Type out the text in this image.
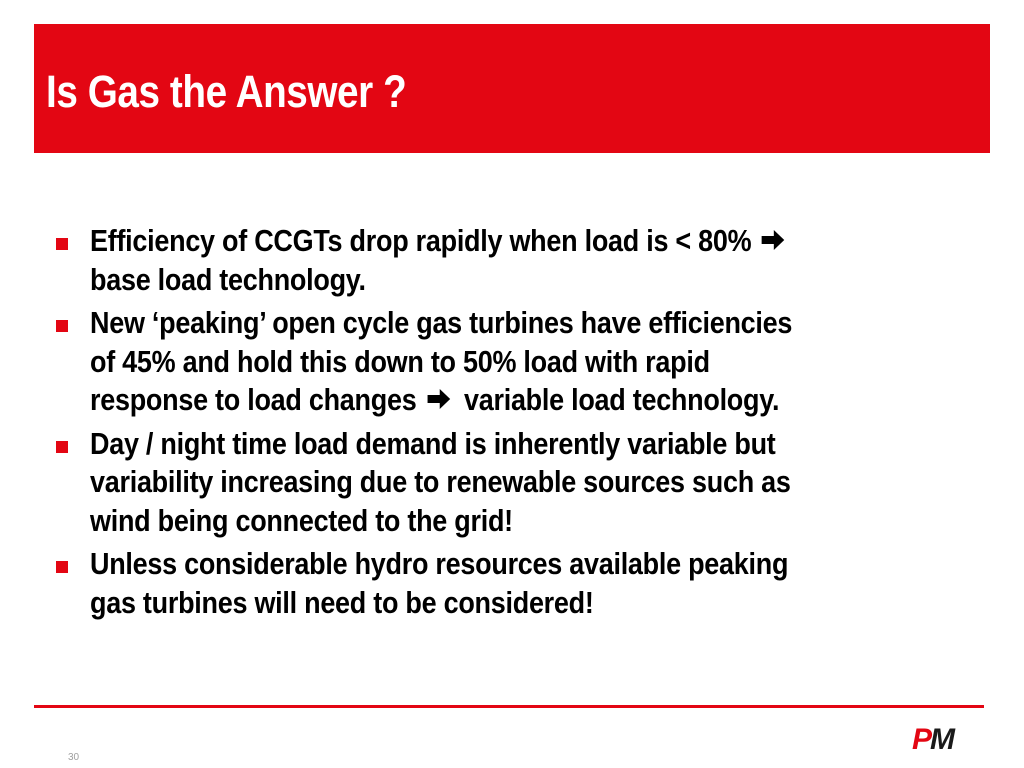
Is Gas the Answer ?
Efficiency of CCGTs drop rapidly when load is < 80%
base load technology.
New ‘peaking’ open cycle gas turbines have efficiencies
of 45% and hold this down to 50% load with rapid
response to load changes variable load technology.
Day / night time load demand is inherently variable but
variability increasing due to renewable sources such as
wind being connected to the grid!
Unless considerable hydro resources available peaking
gas turbines will need to be considered!
30
PM
